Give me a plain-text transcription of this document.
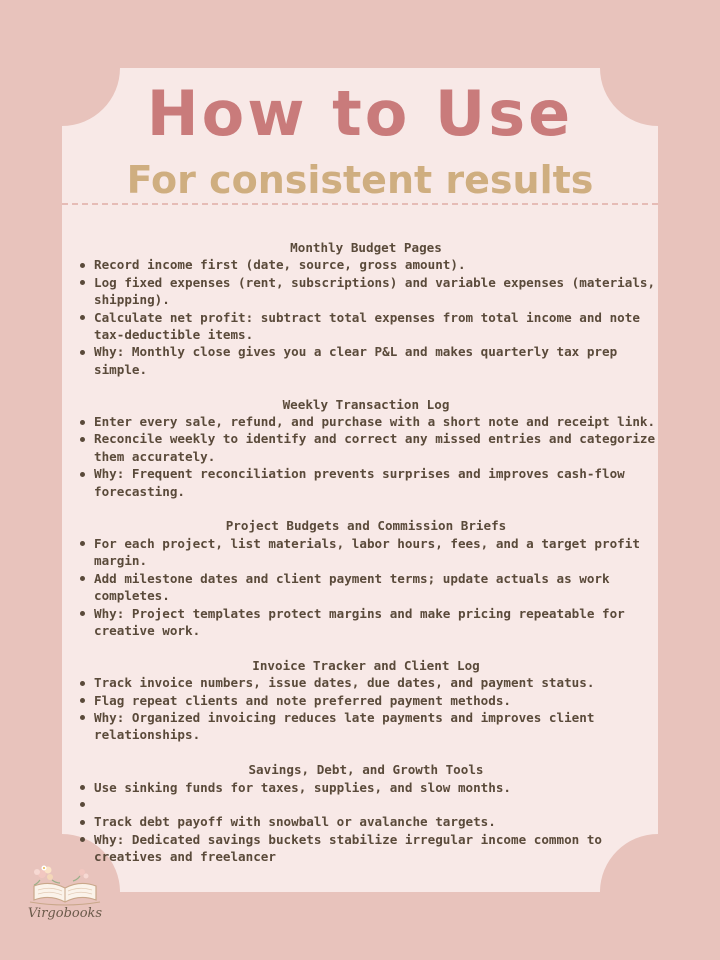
How to Use
For consistent results

Monthly Budget Pages

Record income first (date, source, gross amount).
Log fixed expenses (rent, subscriptions) and variable expenses (materials, shipping).
Calculate net profit: subtract total expenses from total income and note tax-deductible items.
Why: Monthly close gives you a clear P&L and makes quarterly tax prep simple.

Weekly Transaction Log

Enter every sale, refund, and purchase with a short note and receipt link.
Reconcile weekly to identify and correct any missed entries and categorize them accurately.
Why: Frequent reconciliation prevents surprises and improves cash-flow forecasting.

Project Budgets and Commission Briefs

For each project, list materials, labor hours, fees, and a target profit margin.
Add milestone dates and client payment terms; update actuals as work completes.
Why: Project templates protect margins and make pricing repeatable for creative work.

Invoice Tracker and Client Log

Track invoice numbers, issue dates, due dates, and payment status.
Flag repeat clients and note preferred payment methods.
Why: Organized invoicing reduces late payments and improves client relationships.

Savings, Debt, and Growth Tools

Use sinking funds for taxes, supplies, and slow months.
Track debt payoff with snowball or avalanche targets.
Why: Dedicated savings buckets stabilize irregular income common to creatives and freelancer
Virgobooks
